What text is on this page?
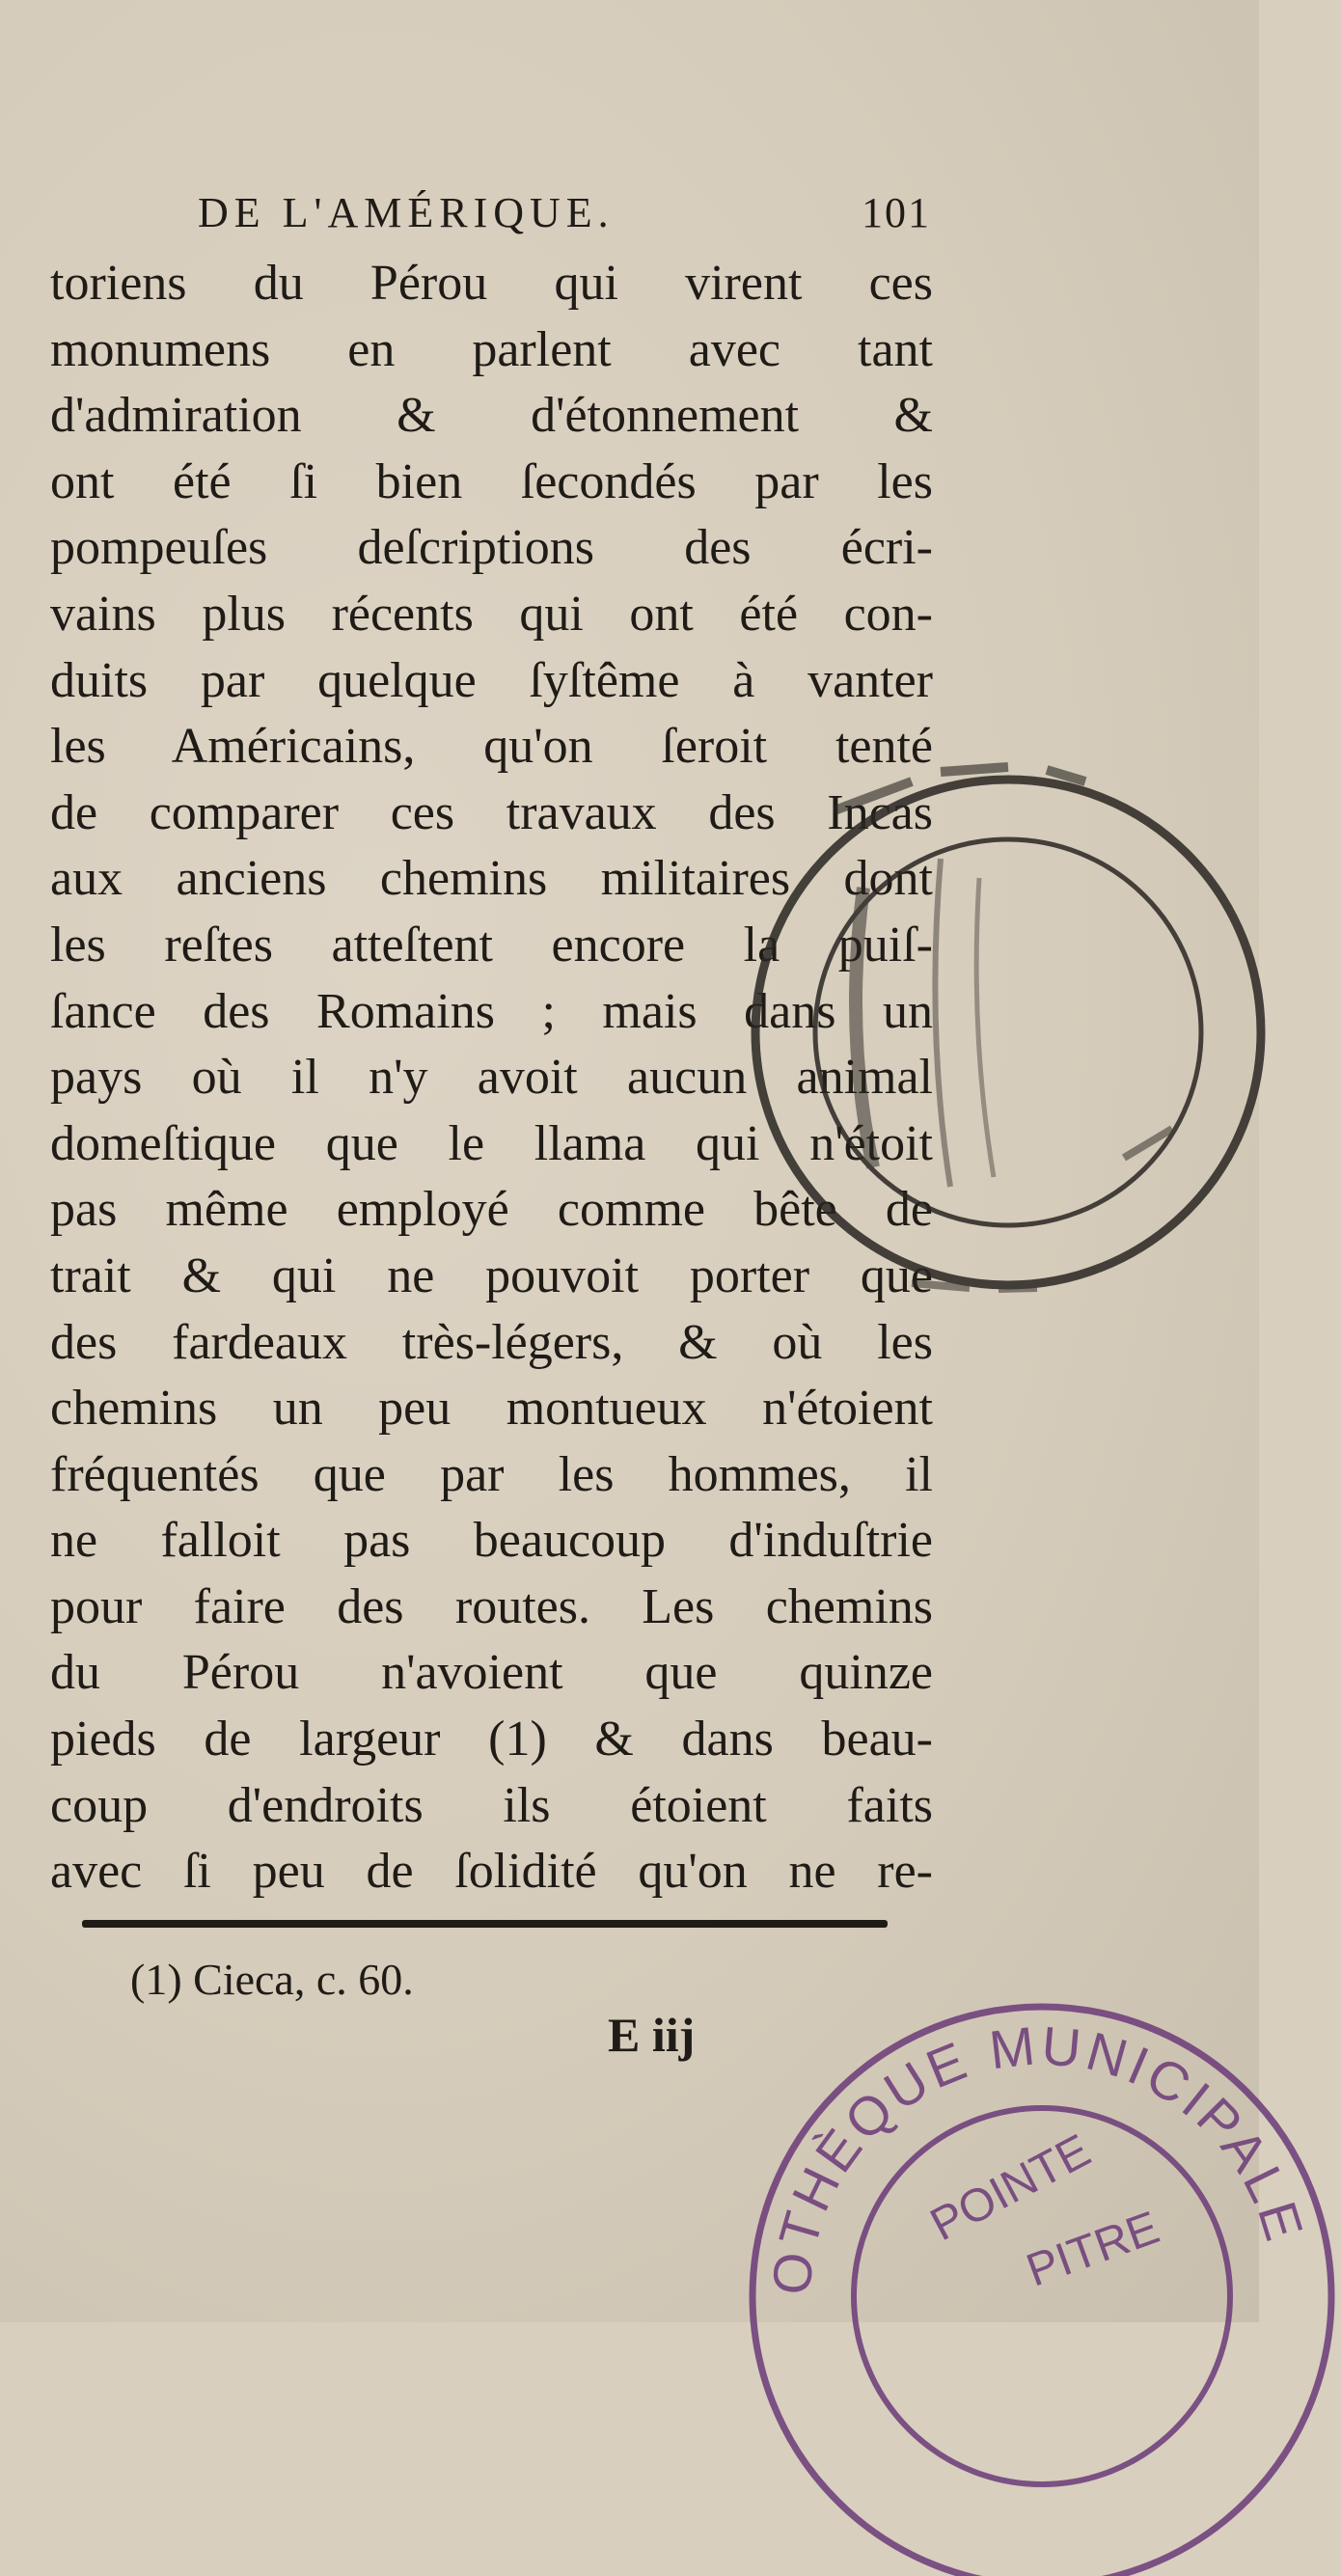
DE L'AMÉRIQUE.	101
toriens du Pérou qui virent ces
monumens en parlent avec tant
d'admiration & d'étonnement &
ont été ſi bien ſecondés par les
pompeuſes deſcriptions des écri-
vains plus récents qui ont été con-
duits par quelque ſyſtême à vanter
les Américains, qu'on ſeroit tenté
de comparer ces travaux des Incas
aux anciens chemins militaires dont
les reſtes atteſtent encore la puiſ-
ſance des Romains ; mais dans un
pays où il n'y avoit aucun animal
domeſtique que le llama qui n'étoit
pas même employé comme bête de
trait & qui ne pouvoit porter que
des fardeaux très-légers, & où les
chemins un peu montueux n'étoient
fréquentés que par les hommes, il
ne falloit pas beaucoup d'induſtrie
pour faire des routes. Les chemins
du Pérou n'avoient que quinze
pieds de largeur (1) & dans beau-
coup d'endroits ils étoient faits
avec ſi peu de ſolidité qu'on ne re-
(1) Cieca, c. 60.
E iij
OTHÈQUE MUNICIPALE
POINTE
PITRE
